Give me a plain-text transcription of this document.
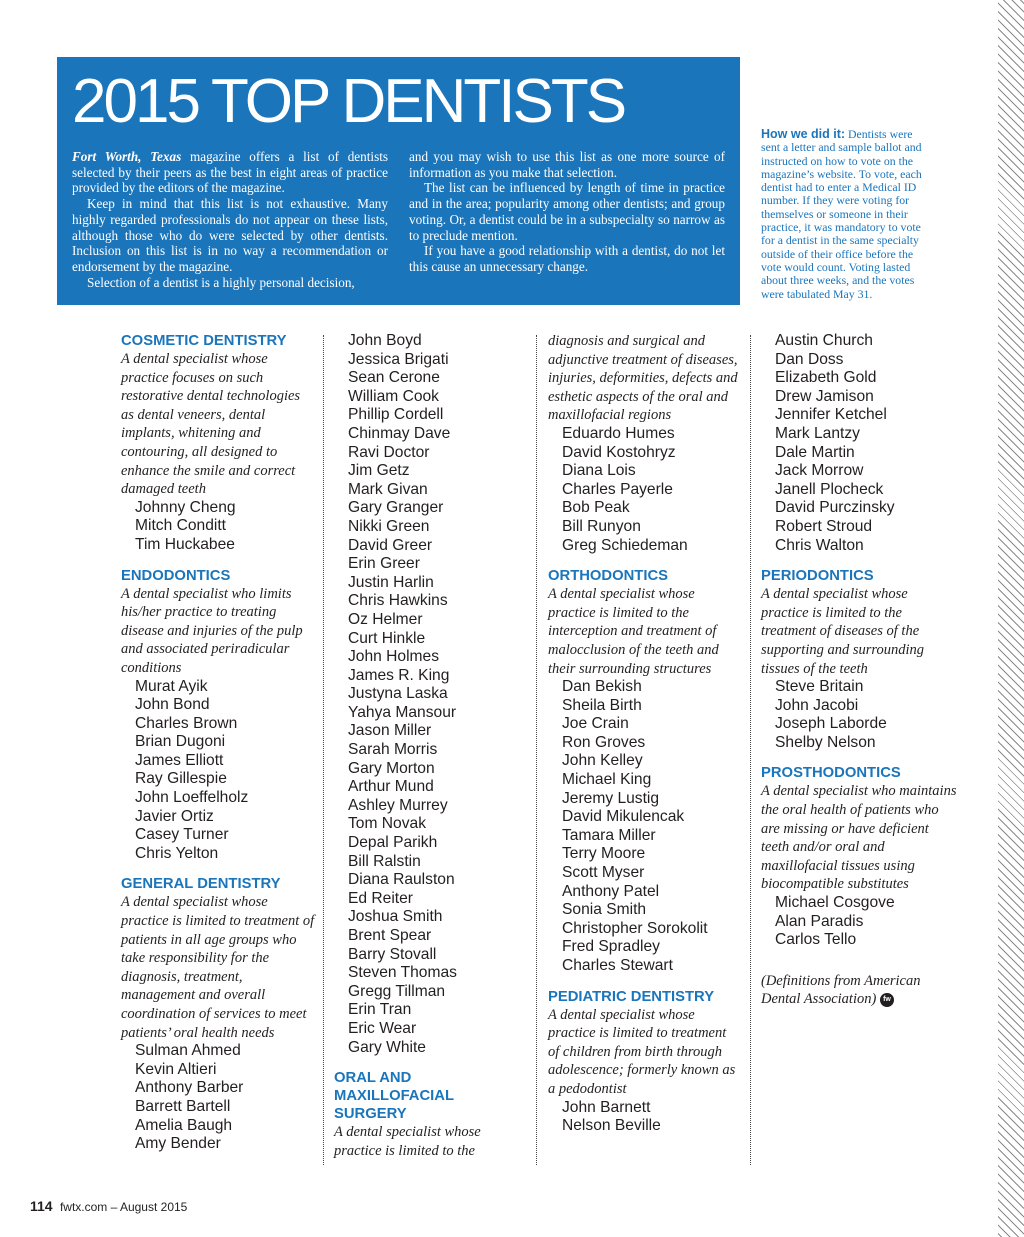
2015 TOP DENTISTS

Fort Worth, Texas magazine offers a list of dentists selected by their peers as the best in eight areas of practice provided by the editors of the magazine.

Keep in mind that this list is not exhaustive. Many highly regarded professionals do not appear on these lists, although those who do were selected by other dentists. Inclusion on this list is in no way a recommendation or endorsement by the magazine.

Selection of a dentist is a highly personal decision,

and you may wish to use this list as one more source of information as you make that selection.

The list can be influenced by length of time in practice and in the area; popularity among other dentists; and group voting. Or, a dentist could be in a subspecialty so narrow as to preclude mention.

If you have a good relationship with a dentist, do not let this cause an unnecessary change.

How we did it: Dentists were sent a letter and sample ballot and instructed on how to vote on the magazine’s website. To vote, each dentist had to enter a Medical ID number. If they were voting for themselves or someone in their practice, it was mandatory to vote for a dentist in the same specialty outside of their office before the vote would count. Voting lasted about three weeks, and the votes were tabulated May 31.
COSMETIC DENTISTRY

A dental specialist whose practice focuses on such restorative dental technologies as dental veneers, dental implants, whitening and contouring, all designed to enhance the smile and correct damaged teeth

Johnny Cheng
Mitch Conditt
Tim Huckabee
ENDODONTICS

A dental specialist who limits his/her practice to treating disease and injuries of the pulp and associated periradicular conditions

Murat Ayik
John Bond
Charles Brown
Brian Dugoni
James Elliott
Ray Gillespie
John Loeffelholz
Javier Ortiz
Casey Turner
Chris Yelton
GENERAL DENTISTRY

A dental specialist whose practice is limited to treatment of patients in all age groups who take responsibility for the diagnosis, treatment, management and overall coordination of services to meet patients’ oral health needs

Sulman Ahmed
Kevin Altieri
Anthony Barber
Barrett Bartell
Amelia Baugh
Amy Bender
John Boyd
Jessica Brigati
Sean Cerone
William Cook
Phillip Cordell
Chinmay Dave
Ravi Doctor
Jim Getz
Mark Givan
Gary Granger
Nikki Green
David Greer
Erin Greer
Justin Harlin
Chris Hawkins
Oz Helmer
Curt Hinkle
John Holmes
James R. King
Justyna Laska
Yahya Mansour
Jason Miller
Sarah Morris
Gary Morton
Arthur Mund
Ashley Murrey
Tom Novak
Depal Parikh
Bill Ralstin
Diana Raulston
Ed Reiter
Joshua Smith
Brent Spear
Barry Stovall
Steven Thomas
Gregg Tillman
Erin Tran
Eric Wear
Gary White
ORAL AND
MAXILLOFACIAL
SURGERY

A dental specialist whose practice is limited to the

diagnosis and surgical and adjunctive treatment of diseases, injuries, deformities, defects and esthetic aspects of the oral and maxillofacial regions

Eduardo Humes
David Kostohryz
Diana Lois
Charles Payerle
Bob Peak
Bill Runyon
Greg Schiedeman
ORTHODONTICS

A dental specialist whose practice is limited to the interception and treatment of malocclusion of the teeth and their surrounding structures

Dan Bekish
Sheila Birth
Joe Crain
Ron Groves
John Kelley
Michael King
Jeremy Lustig
David Mikulencak
Tamara Miller
Terry Moore
Scott Myser
Anthony Patel
Sonia Smith
Christopher Sorokolit
Fred Spradley
Charles Stewart
PEDIATRIC DENTISTRY

A dental specialist whose practice is limited to treatment of children from birth through adolescence; formerly known as a pedodontist

John Barnett
Nelson Beville
Austin Church
Dan Doss
Elizabeth Gold
Drew Jamison
Jennifer Ketchel
Mark Lantzy
Dale Martin
Jack Morrow
Janell Plocheck
David Purczinsky
Robert Stroud
Chris Walton
PERIODONTICS

A dental specialist whose practice is limited to the treatment of diseases of the supporting and surrounding tissues of the teeth

Steve Britain
John Jacobi
Joseph Laborde
Shelby Nelson
PROSTHODONTICS

A dental specialist who maintains the oral health of patients who are missing or have deficient teeth and/or oral and maxillofacial tissues using biocompatible substitutes

Michael Cosgove
Alan Paradis
Carlos Tello

(Definitions from American Dental Association) fw

114 fwtx.com – August 2015
